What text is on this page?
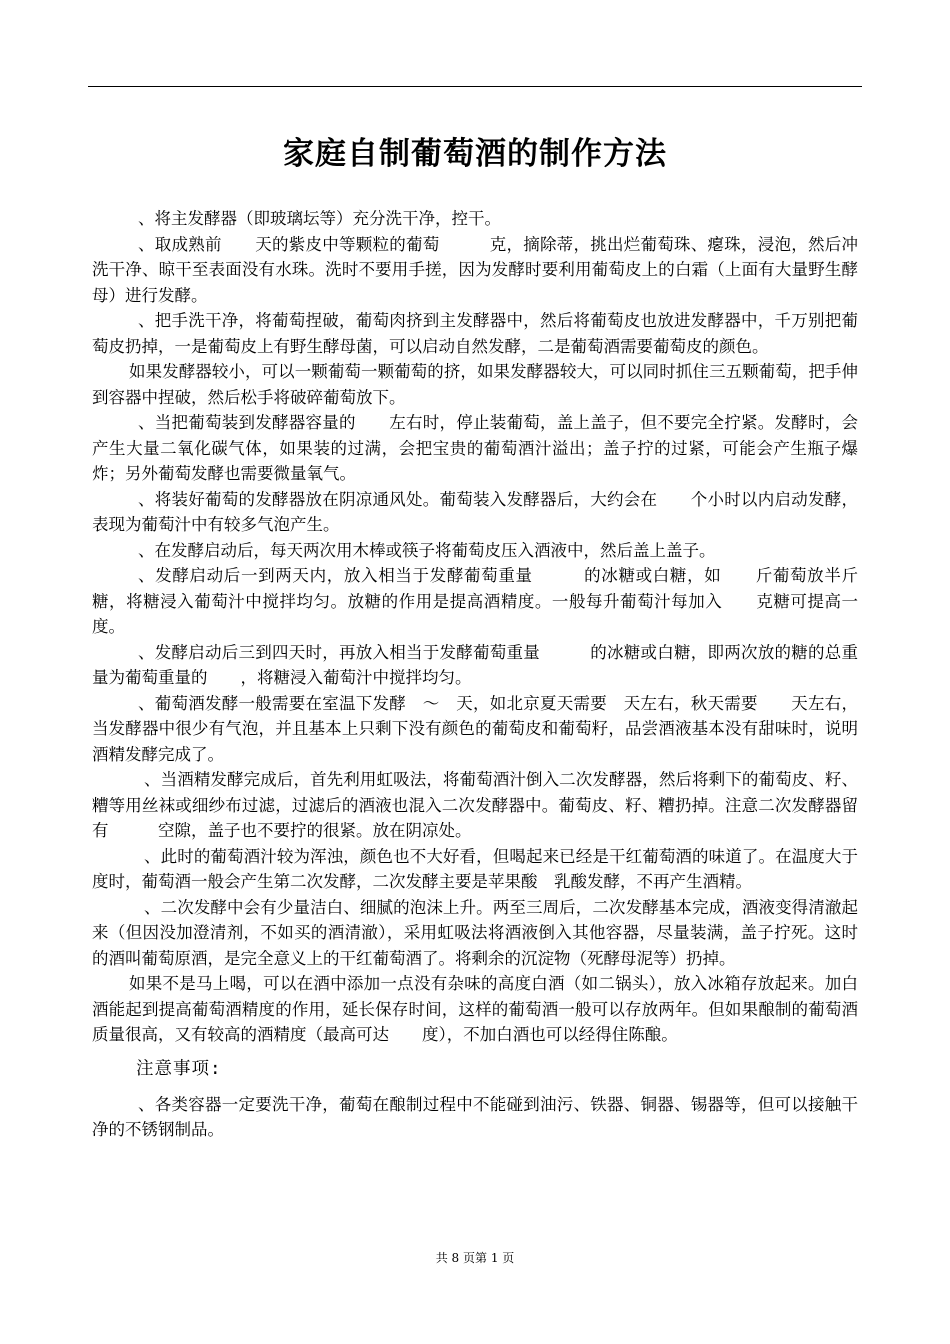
家庭自制葡萄酒的制作方法

、将主发酵器（即玻璃坛等）充分洗干净，控干。

、取成熟前　　天的紫皮中等颗粒的葡萄　　　克，摘除蒂，挑出烂葡萄珠、瘪珠，浸泡，然后冲洗干净、晾干至表面没有水珠。洗时不要用手搓，因为发酵时要利用葡萄皮上的白霜（上面有大量野生酵母）进行发酵。

、把手洗干净，将葡萄捏破，葡萄肉挤到主发酵器中，然后将葡萄皮也放进发酵器中，千万别把葡萄皮扔掉，一是葡萄皮上有野生酵母菌，可以启动自然发酵，二是葡萄酒需要葡萄皮的颜色。

如果发酵器较小，可以一颗葡萄一颗葡萄的挤，如果发酵器较大，可以同时抓住三五颗葡萄，把手伸到容器中捏破，然后松手将破碎葡萄放下。

、当把葡萄装到发酵器容量的　　左右时，停止装葡萄，盖上盖子，但不要完全拧紧。发酵时，会产生大量二氧化碳气体，如果装的过满，会把宝贵的葡萄酒汁溢出；盖子拧的过紧，可能会产生瓶子爆炸；另外葡萄发酵也需要微量氧气。

、将装好葡萄的发酵器放在阴凉通风处。葡萄装入发酵器后，大约会在　　个小时以内启动发酵，表现为葡萄汁中有较多气泡产生。

、在发酵启动后，每天两次用木棒或筷子将葡萄皮压入酒液中，然后盖上盖子。

、发酵启动后一到两天内，放入相当于发酵葡萄重量　　　的冰糖或白糖，如　　斤葡萄放半斤糖，将糖浸入葡萄汁中搅拌均匀。放糖的作用是提高酒精度。一般每升葡萄汁每加入　　克糖可提高一度。

、发酵启动后三到四天时，再放入相当于发酵葡萄重量　　　的冰糖或白糖，即两次放的糖的总重量为葡萄重量的　　，将糖浸入葡萄汁中搅拌均匀。

、葡萄酒发酵一般需要在室温下发酵　～　天，如北京夏天需要　天左右，秋天需要　　天左右，当发酵器中很少有气泡，并且基本上只剩下没有颜色的葡萄皮和葡萄籽，品尝酒液基本没有甜味时，说明酒精发酵完成了。

、当酒精发酵完成后，首先利用虹吸法，将葡萄酒汁倒入二次发酵器，然后将剩下的葡萄皮、籽、糟等用丝袜或细纱布过滤，过滤后的酒液也混入二次发酵器中。葡萄皮、籽、糟扔掉。注意二次发酵器留有　　　空隙，盖子也不要拧的很紧。放在阴凉处。

、此时的葡萄酒汁较为浑浊，颜色也不大好看，但喝起来已经是干红葡萄酒的味道了。在温度大于　　度时，葡萄酒一般会产生第二次发酵，二次发酵主要是苹果酸　乳酸发酵，不再产生酒精。

、二次发酵中会有少量洁白、细腻的泡沫上升。两至三周后，二次发酵基本完成，酒液变得清澈起来（但因没加澄清剂，不如买的酒清澈），采用虹吸法将酒液倒入其他容器，尽量装满，盖子拧死。这时的酒叫葡萄原酒，是完全意义上的干红葡萄酒了。将剩余的沉淀物（死酵母泥等）扔掉。

如果不是马上喝，可以在酒中添加一点没有杂味的高度白酒（如二锅头），放入冰箱存放起来。加白酒能起到提高葡萄酒精度的作用，延长保存时间，这样的葡萄酒一般可以存放两年。但如果酿制的葡萄酒质量很高，又有较高的酒精度（最高可达　　度），不加白酒也可以经得住陈酿。

注意事项:

、各类容器一定要洗干净，葡萄在酿制过程中不能碰到油污、铁器、铜器、锡器等，但可以接触干净的不锈钢制品。

共 8 页第 1 页
